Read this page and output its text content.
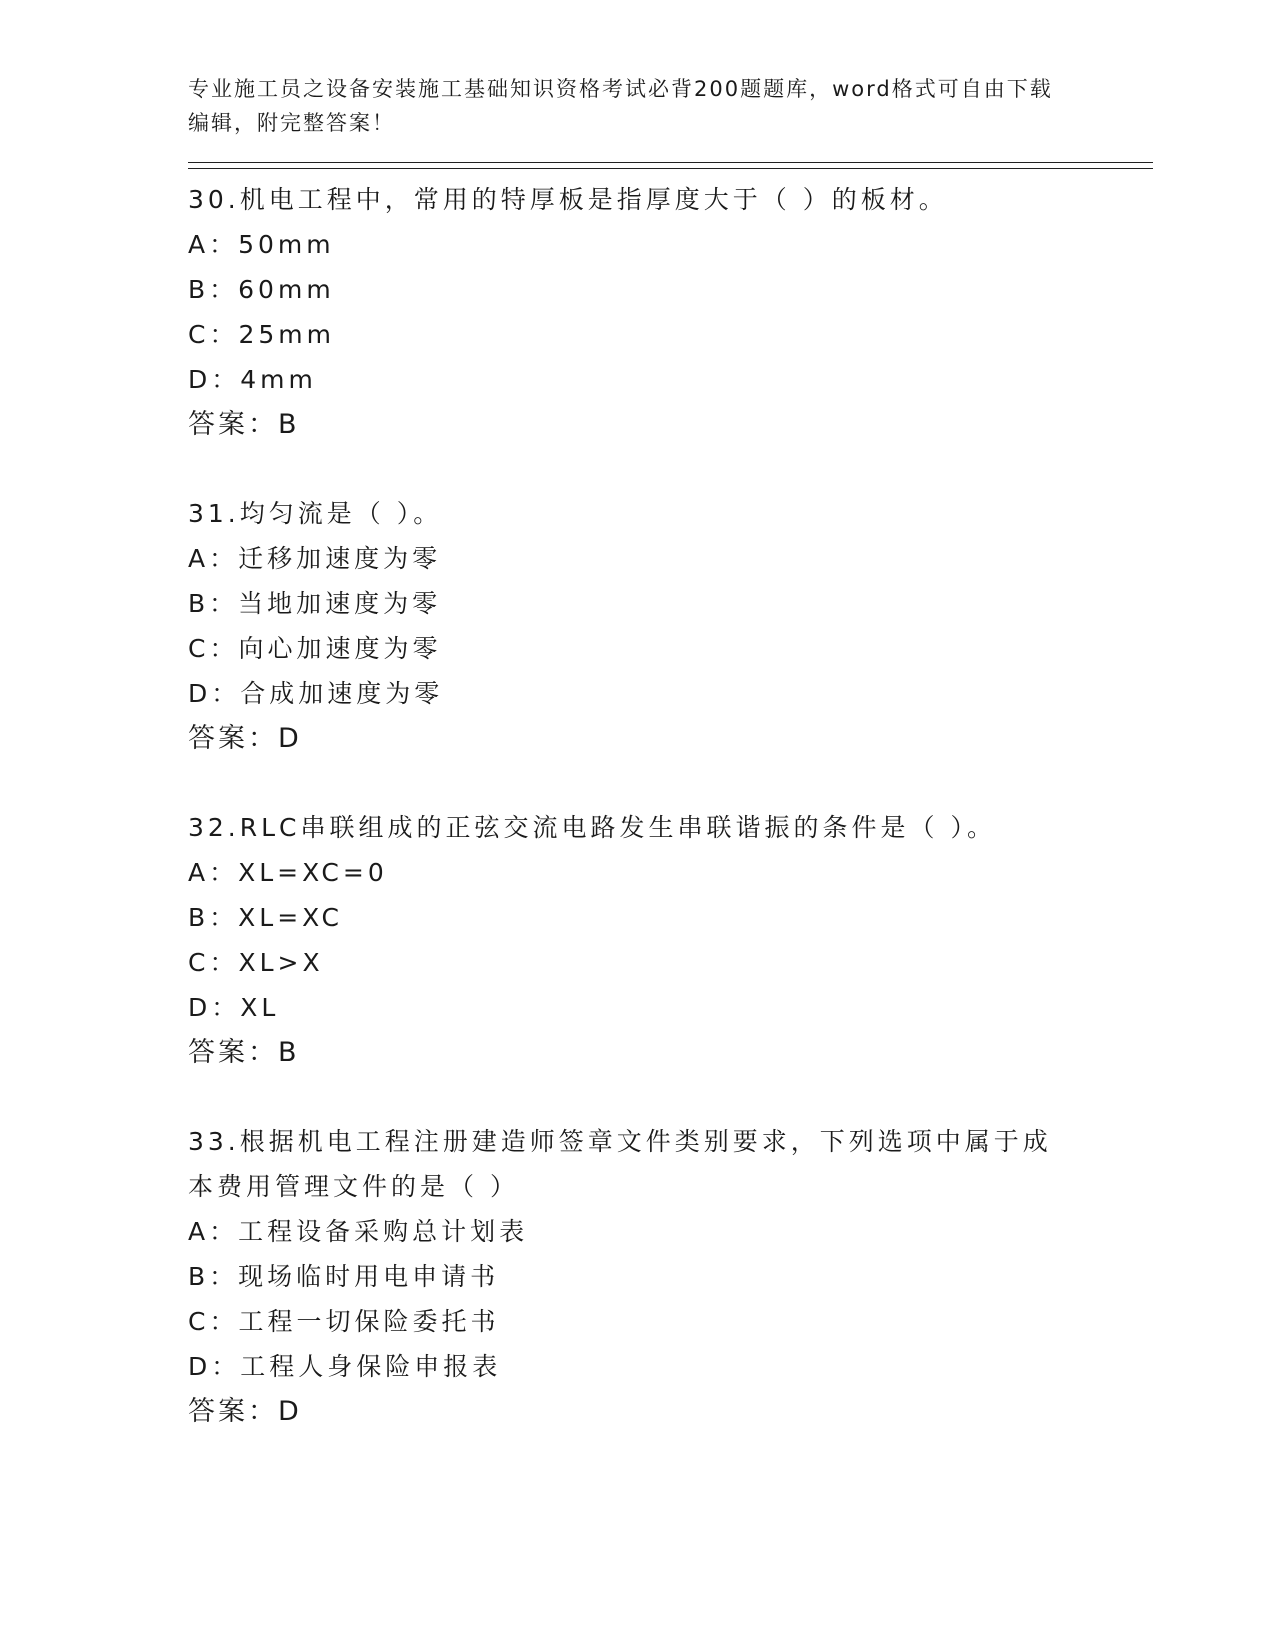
专业施工员之设备安装施工基础知识资格考试必背200题题库，word格式可自由下载编辑，附完整答案！

30.机电工程中，常用的特厚板是指厚度大于（ ）的板材。

A：50mm
B：60mm
C：25mm
D：4mm
答案：B

31.均匀流是（ ）。

A：迁移加速度为零
B：当地加速度为零
C：向心加速度为零
D：合成加速度为零
答案：D

32.RLC串联组成的正弦交流电路发生串联谐振的条件是（ ）。

A：XL=XC=0
B：XL=XC
C：XL>X
D：XL
答案：B

33.根据机电工程注册建造师签章文件类别要求，下列选项中属于成本费用管理文件的是（ ）

A：工程设备采购总计划表
B：现场临时用电申请书
C：工程一切保险委托书
D：工程人身保险申报表
答案：D
